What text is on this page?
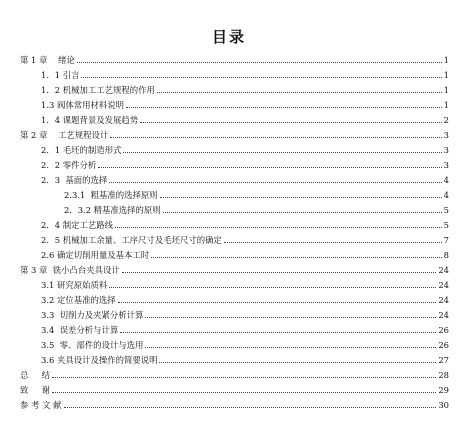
目录
第 1 章    绪论	1
1．1 引言	1
1．2 机械加工工艺规程的作用	1
1.3 阀体常用材料说明	1
1．4 课题背景及发展趋势	2
第 2 章    工艺规程设计	3
2．1 毛坯的制造形式	3
2．2 零件分析	3
2．3  基面的选择	4
2.3.1  粗基准的选择原则	4
2．3.2 精基准选择的原则	5
2．4 制定工艺路线	5
2．5 机械加工余量、工序尺寸及毛坯尺寸的确定	7
2.6 确定切削用量及基本工时	8
第 3 章  铣小凸台夹具设计	24
3.1 研究原始质料	24
3.2 定位基准的选择	24
3.3  切削力及夹紧分析计算	24
3.4  误差分析与计算	26
3.5  零、部件的设计与选用	26
3.6 夹具设计及操作的简要说明	27
总     结	28
致     谢	29
参 考 文 献	30
